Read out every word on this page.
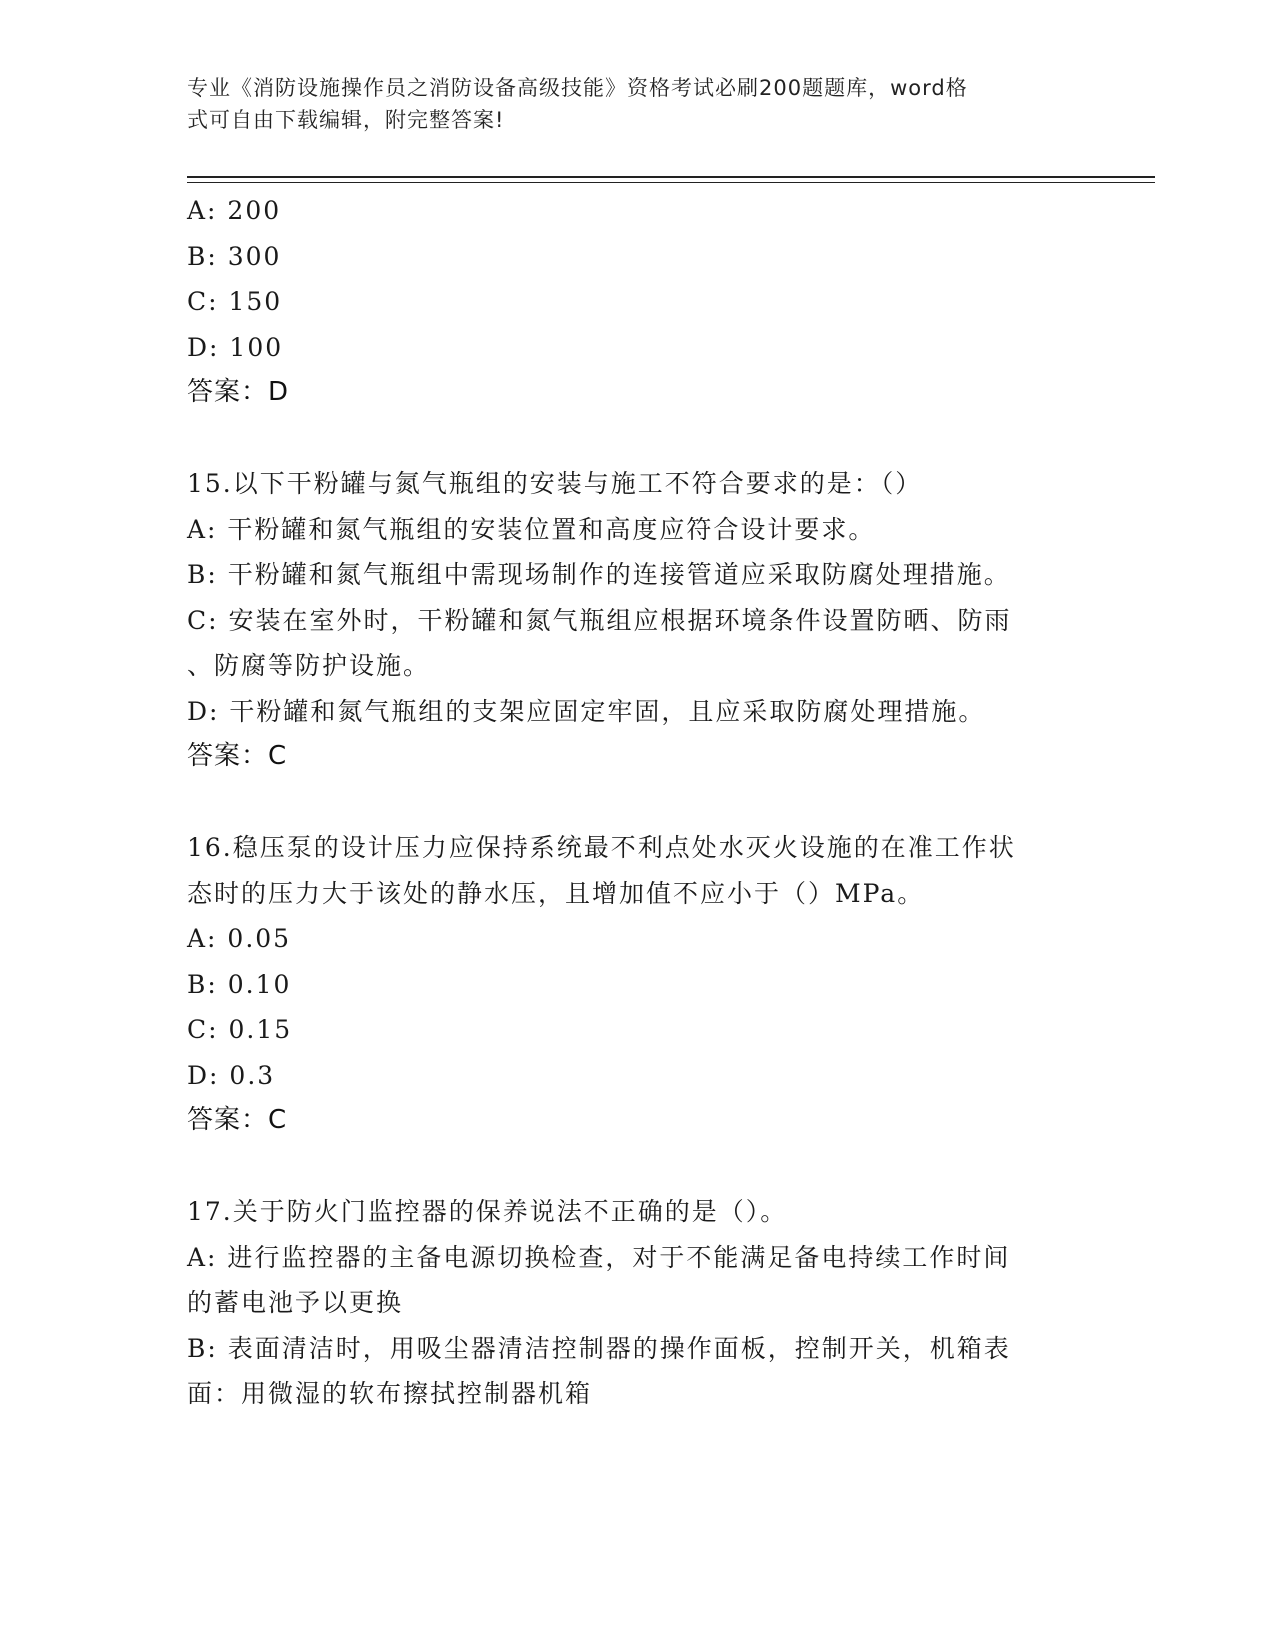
专业《消防设施操作员之消防设备高级技能》资格考试必刷200题题库，word格
式可自由下载编辑，附完整答案!
A: 200
B: 300
C: 150
D: 100
答案：D
15.以下干粉罐与氮气瓶组的安装与施工不符合要求的是：（）
A: 干粉罐和氮气瓶组的安装位置和高度应符合设计要求。
B: 干粉罐和氮气瓶组中需现场制作的连接管道应采取防腐处理措施。
C: 安装在室外时，干粉罐和氮气瓶组应根据环境条件设置防晒、防雨
、防腐等防护设施。
D: 干粉罐和氮气瓶组的支架应固定牢固，且应采取防腐处理措施。
答案：C
16.稳压泵的设计压力应保持系统最不利点处水灭火设施的在准工作状
态时的压力大于该处的静水压，且增加值不应小于（）MPa。
A: 0.05
B: 0.10
C: 0.15
D: 0.3
答案：C
17.关于防火门监控器的保养说法不正确的是（）。
A: 进行监控器的主备电源切换检查，对于不能满足备电持续工作时间
的蓄电池予以更换
B: 表面清洁时，用吸尘器清洁控制器的操作面板，控制开关，机箱表
面：用微湿的软布擦拭控制器机箱
